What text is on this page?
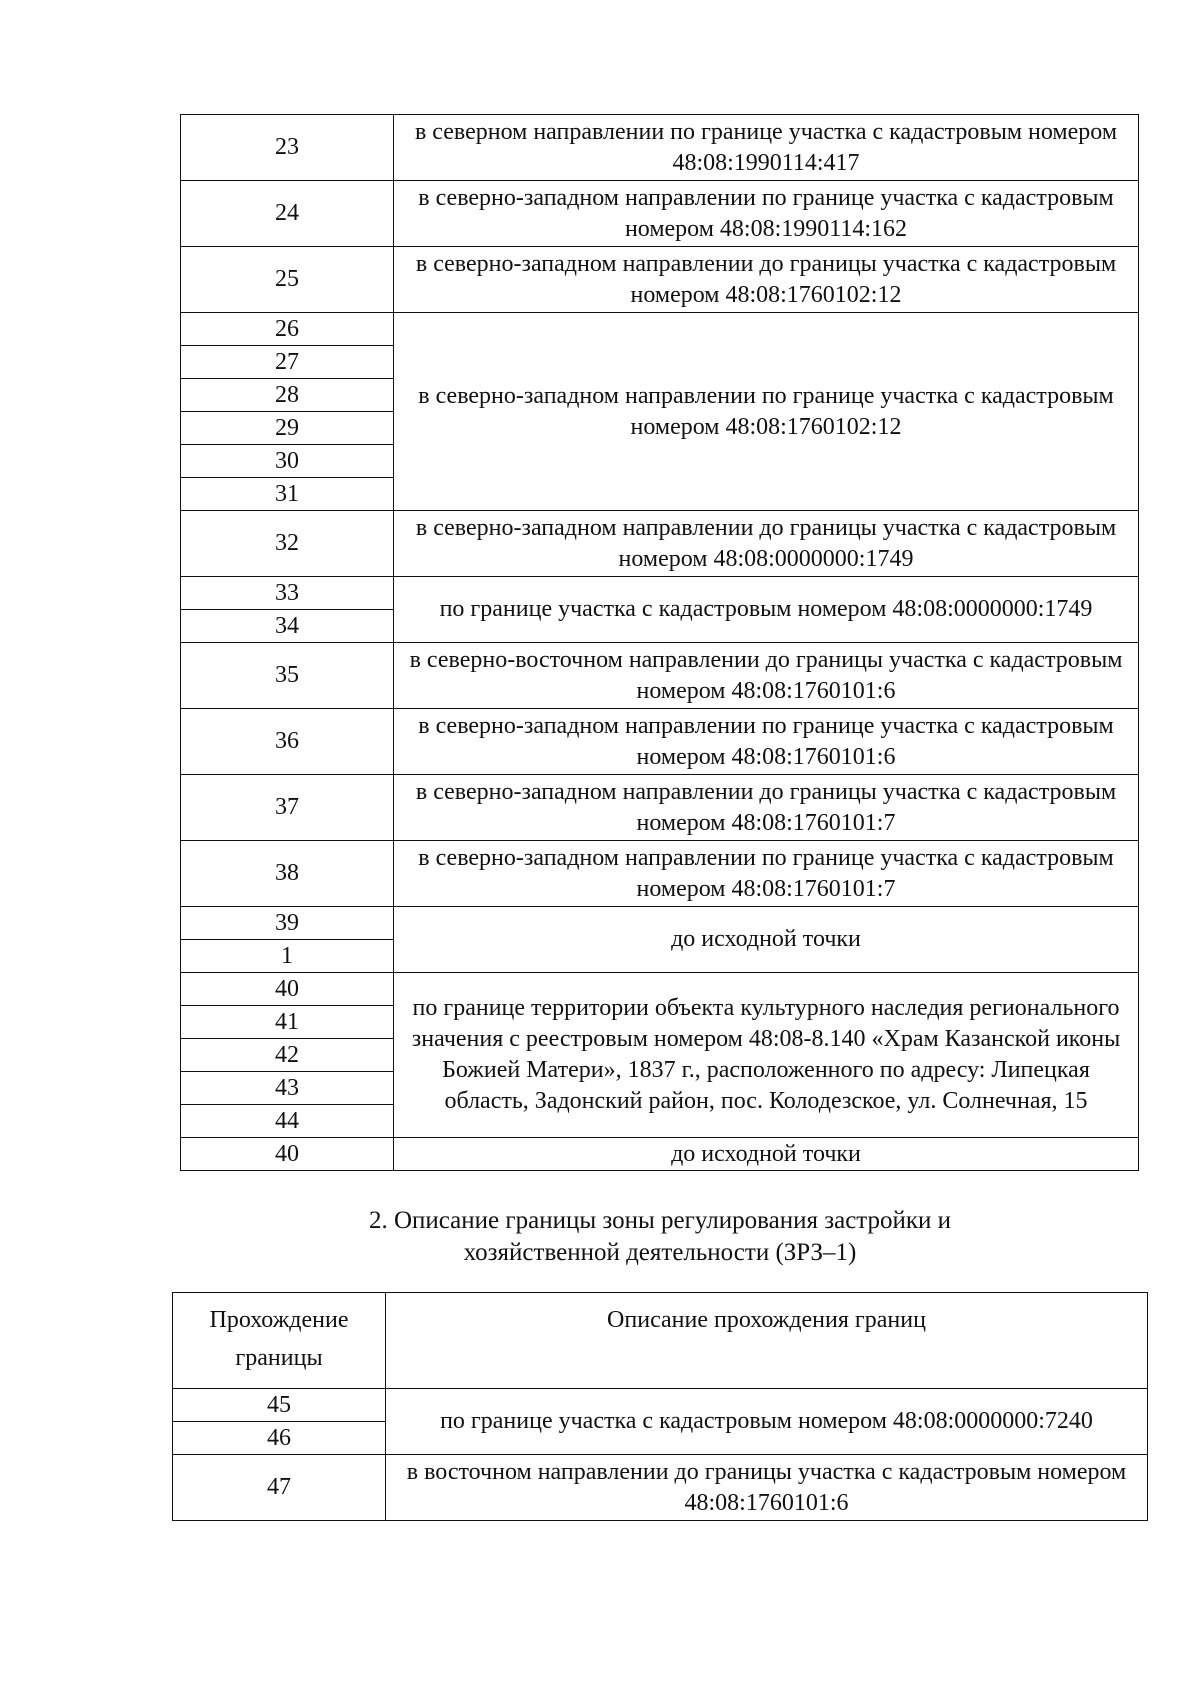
23	в северном направлении по границе участка с кадастровым номером 48:08:1990114:417
24	в северно-западном направлении по границе участка с кадастровым номером 48:08:1990114:162
25	в северно-западном направлении до границы участка с кадастровым номером 48:08:1760102:12
26	в северно-западном направлении по границе участка с кадастровым номером 48:08:1760102:12
27	
28	
29	
30	
31	
32	в северно-западном направлении до границы участка с кадастровым номером 48:08:0000000:1749
33	по границе участка с кадастровым номером 48:08:0000000:1749
34	
35	в северно-восточном направлении до границы участка с кадастровым номером 48:08:1760101:6
36	в северно-западном направлении по границе участка с кадастровым номером 48:08:1760101:6
37	в северно-западном направлении до границы участка с кадастровым номером 48:08:1760101:7
38	в северно-западном направлении по границе участка с кадастровым номером 48:08:1760101:7
39	до исходной точки
1	
40	по границе территории объекта культурного наследия регионального значения с реестровым номером 48:08-8.140 «Храм Казанской иконы Божией Матери», 1837 г., расположенного по адресу: Липецкая область, Задонский район, пос. Колодезское, ул. Солнечная, 15
41	
42	
43	
44	
40	до исходной точки
2. Описание границы зоны регулирования застройки и
хозяйственной деятельности (ЗРЗ–1)
Прохождение границы	Описание прохождения границ
45	по границе участка с кадастровым номером 48:08:0000000:7240
46	
47	в восточном направлении до границы участка с кадастровым номером 48:08:1760101:6
